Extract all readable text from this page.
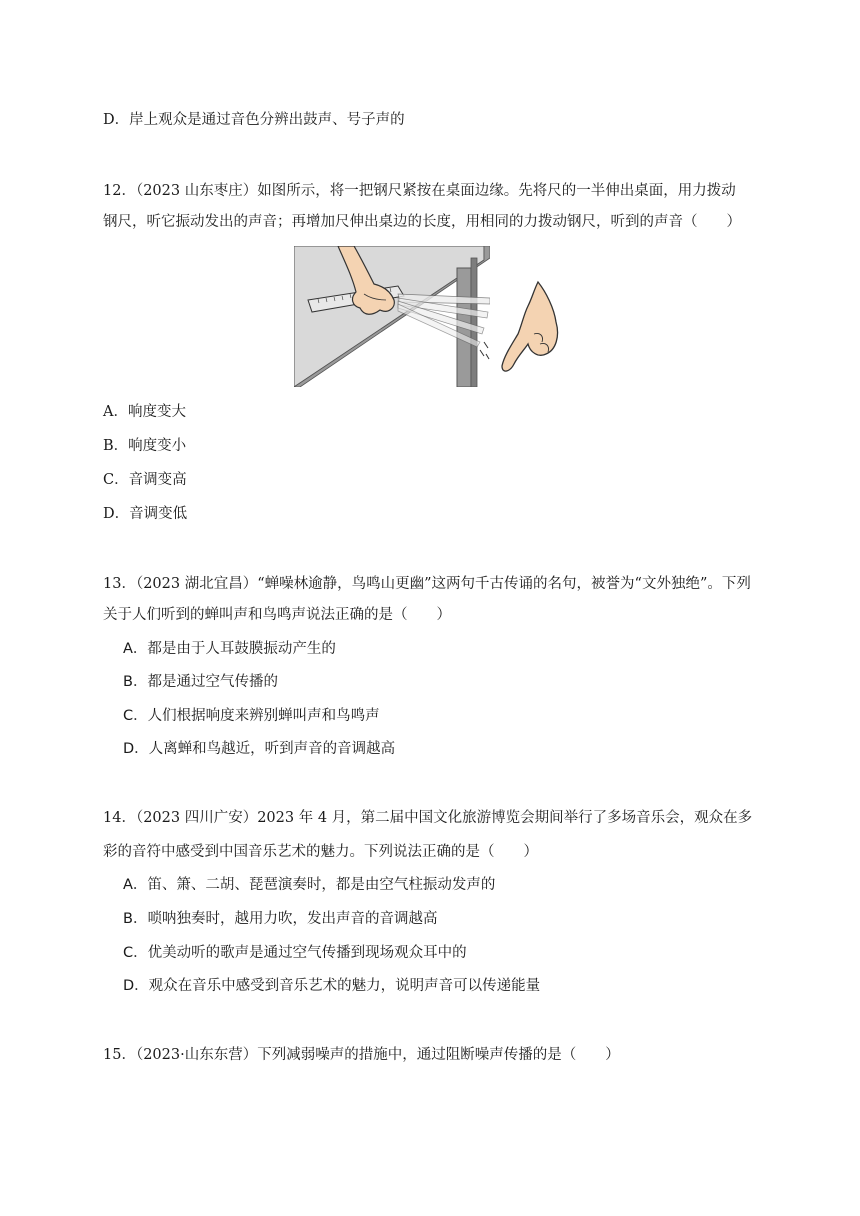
D．岸上观众是通过音色分辨出鼓声、号子声的
12．（2023 山东枣庄）如图所示，将一把钢尺紧按在桌面边缘。先将尺的一半伸出桌面，用力拨动
钢尺，听它振动发出的声音；再增加尺伸出桌边的长度，用相同的力拨动钢尺，听到的声音（　　）
A．响度变大
B．响度变小
C．音调变高
D．音调变低
13．（2023 湖北宜昌）“蝉噪林逾静，鸟鸣山更幽”这两句千古传诵的名句，被誉为“文外独绝”。下列
关于人们听到的蝉叫声和鸟鸣声说法正确的是（　　）
A．都是由于人耳鼓膜振动产生的
B．都是通过空气传播的
C．人们根据响度来辨别蝉叫声和鸟鸣声
D．人离蝉和鸟越近，听到声音的音调越高
14．（2023 四川广安）2023 年 4 月，第二届中国文化旅游博览会期间举行了多场音乐会，观众在多
彩的音符中感受到中国音乐艺术的魅力。下列说法正确的是（　　）
A．笛、箫、二胡、琵琶演奏时，都是由空气柱振动发声的
B．唢呐独奏时，越用力吹，发出声音的音调越高
C．优美动听的歌声是通过空气传播到现场观众耳中的
D．观众在音乐中感受到音乐艺术的魅力，说明声音可以传递能量
15．（2023·山东东营）下列减弱噪声的措施中，通过阻断噪声传播的是（　　）
